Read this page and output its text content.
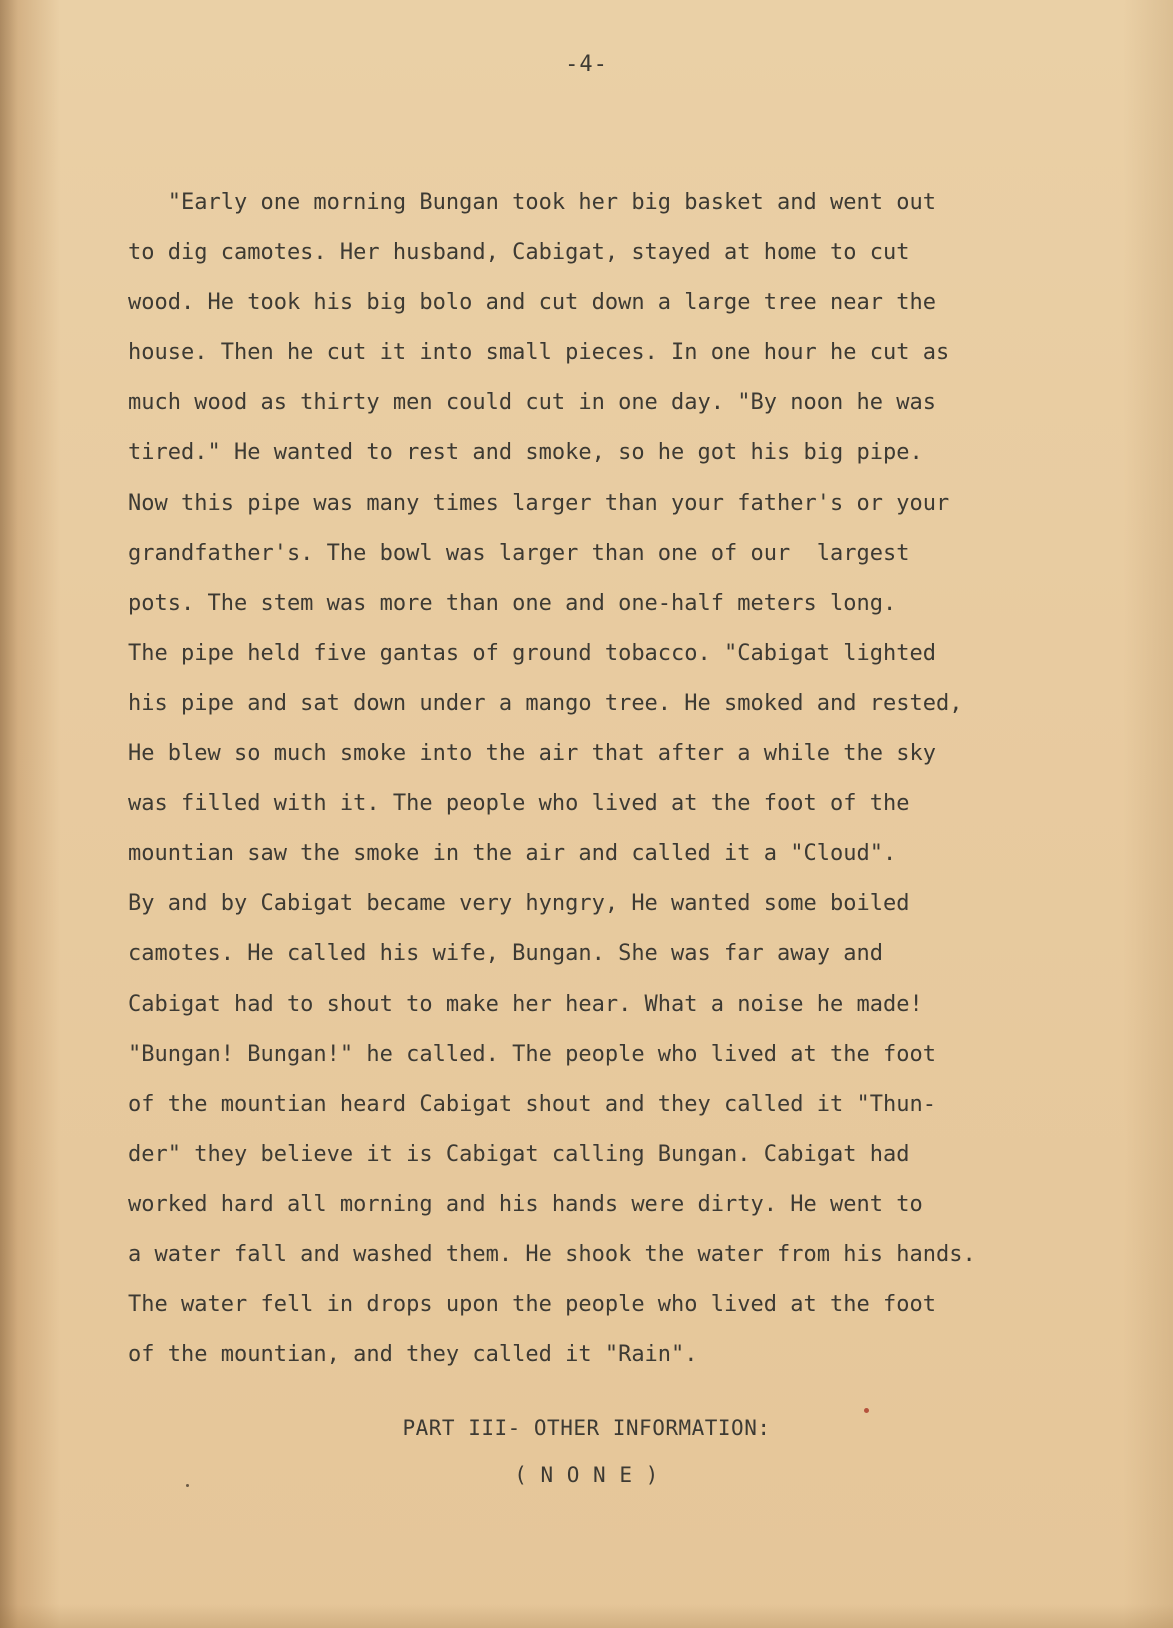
-4-
"Early one morning Bungan took her big basket and went out
to dig camotes. Her husband, Cabigat, stayed at home to cut
wood. He took his big bolo and cut down a large tree near the
house. Then he cut it into small pieces. In one hour he cut as
much wood as thirty men could cut in one day. "By noon he was
tired." He wanted to rest and smoke, so he got his big pipe.
Now this pipe was many times larger than your father's or your
grandfather's. The bowl was larger than one of our  largest
pots. The stem was more than one and one-half meters long.
The pipe held five gantas of ground tobacco. "Cabigat lighted
his pipe and sat down under a mango tree. He smoked and rested,
He blew so much smoke into the air that after a while the sky
was filled with it. The people who lived at the foot of the
mountian saw the smoke in the air and called it a "Cloud".
By and by Cabigat became very hyngry, He wanted some boiled
camotes. He called his wife, Bungan. She was far away and
Cabigat had to shout to make her hear. What a noise he made!
"Bungan! Bungan!" he called. The people who lived at the foot
of the mountian heard Cabigat shout and they called it "Thun-
der" they believe it is Cabigat calling Bungan. Cabigat had
worked hard all morning and his hands were dirty. He went to
a water fall and washed them. He shook the water from his hands.
The water fell in drops upon the people who lived at the foot
of the mountian, and they called it "Rain".
PART III- OTHER INFORMATION:
( N O N E )
